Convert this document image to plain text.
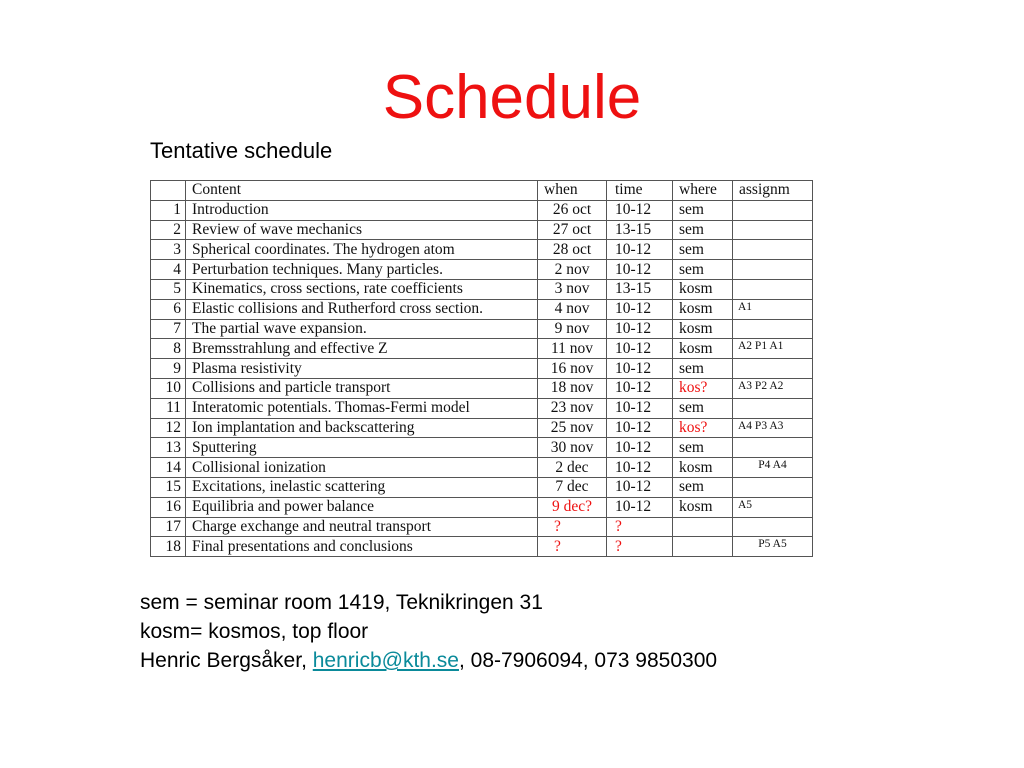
Schedule
Tentative schedule
	Content	when	time	where	assignm
1	Introduction	26 oct	10-12	sem	
2	Review of wave mechanics	27 oct	13-15	sem	
3	Spherical coordinates. The hydrogen atom	28 oct	10-12	sem	
4	Perturbation techniques. Many particles.	2 nov	10-12	sem	
5	Kinematics, cross sections, rate coefficients	3 nov	13-15	kosm	
6	Elastic collisions and Rutherford cross section.	4 nov	10-12	kosm	A1
7	The partial wave expansion.	9 nov	10-12	kosm	
8	Bremsstrahlung and effective Z	11 nov	10-12	kosm	A2 P1 A1
9	Plasma resistivity	16 nov	10-12	sem	
10	Collisions and particle transport	18 nov	10-12	kos?	A3 P2 A2
11	Interatomic potentials. Thomas-Fermi model	23 nov	10-12	sem	
12	Ion implantation and backscattering	25 nov	10-12	kos?	A4 P3 A3
13	Sputtering	30 nov	10-12	sem	
14	Collisional ionization	2 dec	10-12	kosm	P4 A4
15	Excitations, inelastic scattering	7 dec	10-12	sem	
16	Equilibria and power balance	9 dec?	10-12	kosm	A5
17	Charge exchange and neutral transport	?	?		
18	Final presentations and conclusions	?	?		P5 A5
sem = seminar room 1419, Teknikringen 31
kosm= kosmos, top floor
Henric Bergsåker, henricb@kth.se, 08-7906094, 073 9850300
